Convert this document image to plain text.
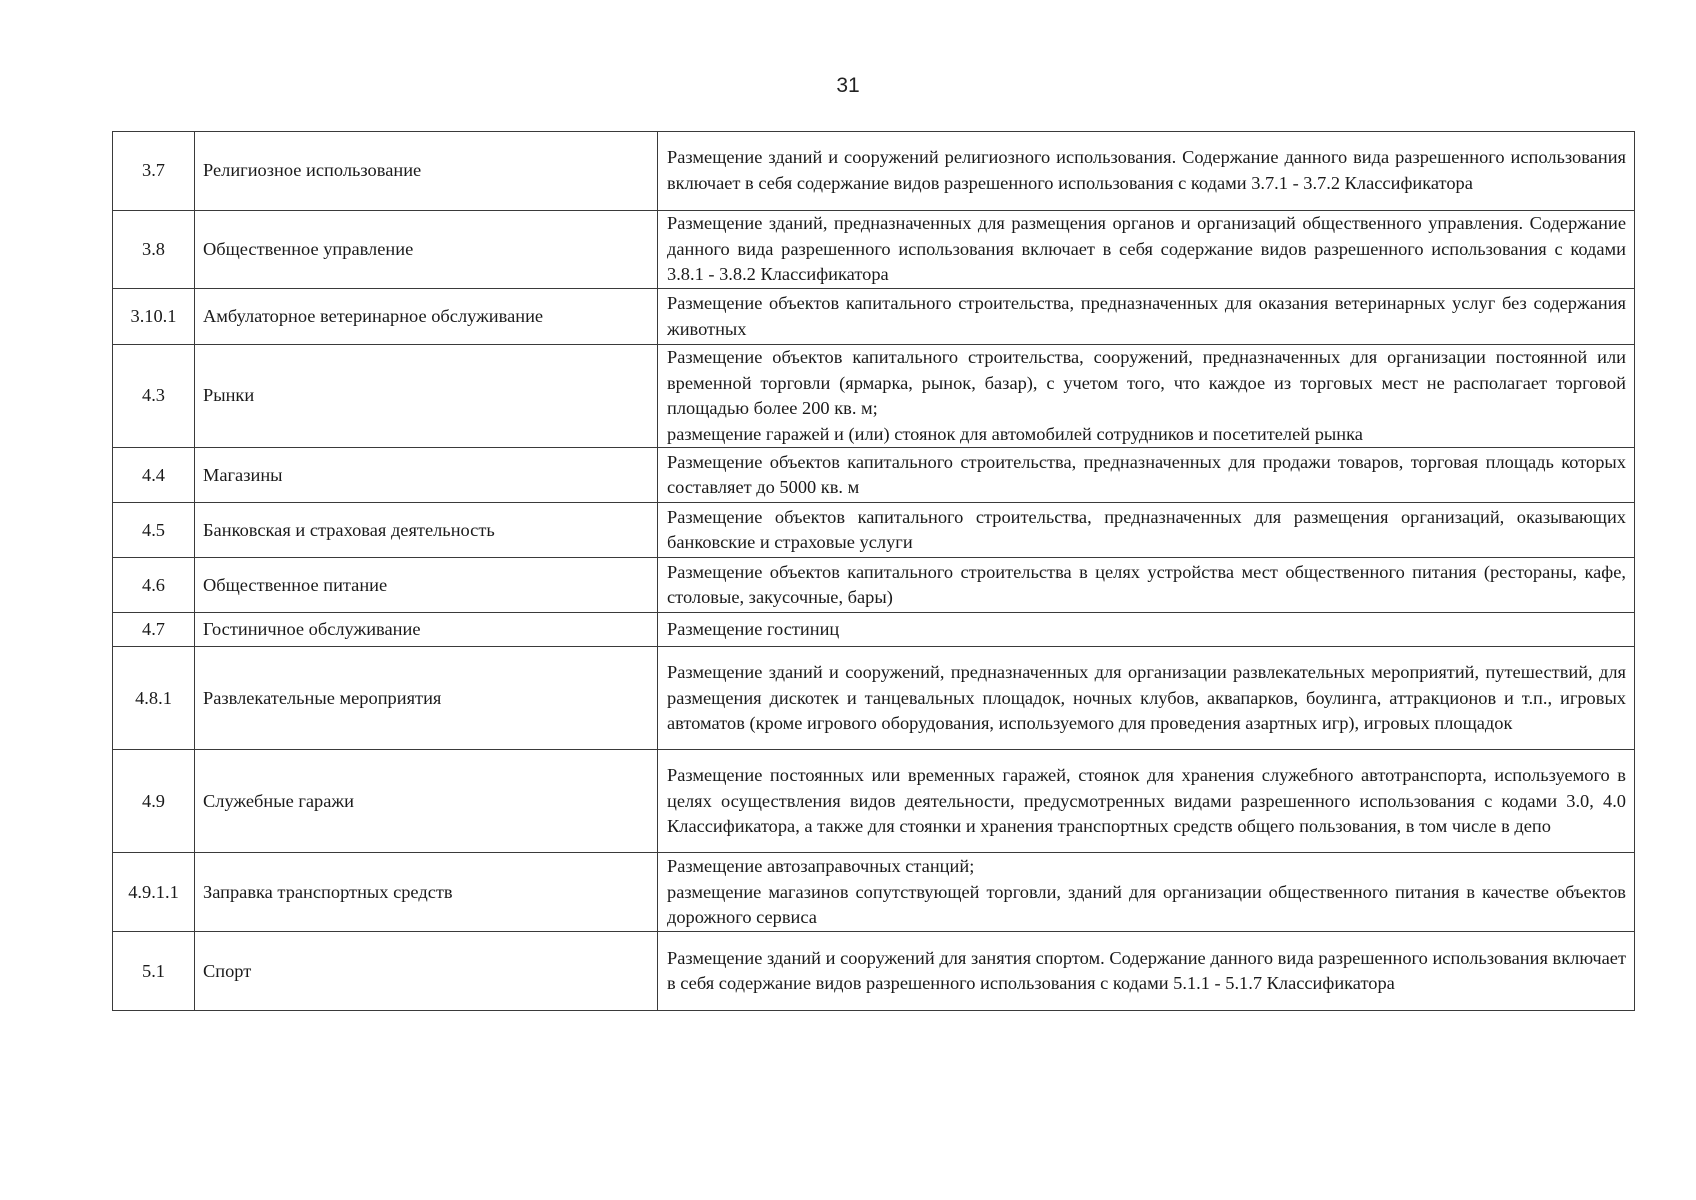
31
3.7	Религиозное использование	Размещение зданий и сооружений религиозного использования. Содержание данного вида разрешенного использования включает в себя содержание видов разрешенного использования с кодами 3.7.1 - 3.7.2 Классификатора

3.8	Общественное управление	Размещение зданий, предназначенных для размещения органов и организаций общественного управления. Содержание данного вида разрешенного использования включает в себя содержание видов разрешенного использования с кодами 3.8.1 - 3.8.2 Классификатора

3.10.1	Амбулаторное ветеринарное обслуживание	Размещение объектов капитального строительства, предназначенных для оказания ветеринарных услуг без содержания животных

4.3	Рынки	Размещение объектов капитального строительства, сооружений, предназначенных для организации постоянной или временной торговли (ярмарка, рынок, базар), с учетом того, что каждое из торговых мест не располагает торговой площадью более 200 кв. м;
размещение гаражей и (или) стоянок для автомобилей сотрудников и посетителей рынка

4.4	Магазины	Размещение объектов капитального строительства, предназначенных для продажи товаров, торговая площадь которых составляет до 5000 кв. м

4.5	Банковская и страховая деятельность	Размещение объектов капитального строительства, предназначенных для размещения организаций, оказывающих банковские и страховые услуги

4.6	Общественное питание	Размещение объектов капитального строительства в целях устройства мест общественного питания (рестораны, кафе, столовые, закусочные, бары)

4.7	Гостиничное обслуживание	Размещение гостиниц

4.8.1	Развлекательные мероприятия	Размещение зданий и сооружений, предназначенных для организации развлекательных мероприятий, путешествий, для размещения дискотек и танцевальных площадок, ночных клубов, аквапарков, боулинга, аттракционов и т.п., игровых автоматов (кроме игрового оборудования, используемого для проведения азартных игр), игровых площадок

4.9	Служебные гаражи	Размещение постоянных или временных гаражей, стоянок для хранения служебного автотранспорта, используемого в целях осуществления видов деятельности, предусмотренных видами разрешенного использования с кодами 3.0, 4.0 Классификатора, а также для стоянки и хранения транспортных средств общего пользования, в том числе в депо

4.9.1.1	Заправка транспортных средств	Размещение автозаправочных станций;
размещение магазинов сопутствующей торговли, зданий для организации общественного питания в качестве объектов дорожного сервиса

5.1	Спорт	Размещение зданий и сооружений для занятия спортом. Содержание данного вида разрешенного использования включает в себя содержание видов разрешенного использования с кодами 5.1.1 - 5.1.7 Классификатора
